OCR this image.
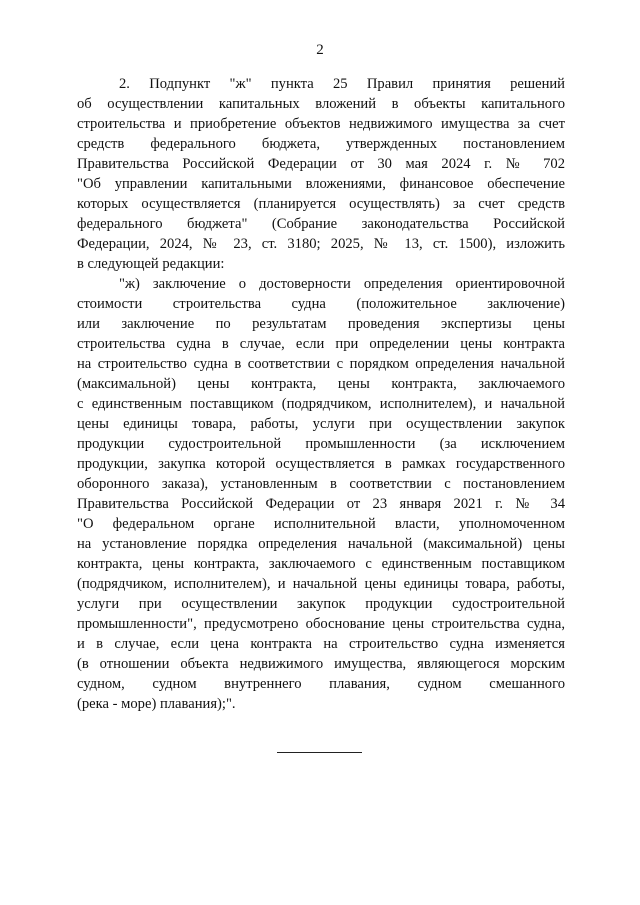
2
2. Подпункт "ж" пункта 25 Правил принятия решений
об осуществлении капитальных вложений в объекты капитального
строительства и приобретение объектов недвижимого имущества за счет
средств федерального бюджета, утвержденных постановлением
Правительства Российской Федерации от 30 мая 2024 г. № 702
"Об управлении капитальными вложениями, финансовое обеспечение
которых осуществляется (планируется осуществлять) за счет средств
федерального бюджета" (Собрание законодательства Российской
Федерации, 2024, № 23, ст. 3180; 2025, № 13, ст. 1500), изложить
в следующей редакции:
"ж) заключение о достоверности определения ориентировочной
стоимости строительства судна (положительное заключение)
или заключение по результатам проведения экспертизы цены
строительства судна в случае, если при определении цены контракта
на строительство судна в соответствии с порядком определения начальной
(максимальной) цены контракта, цены контракта, заключаемого
с единственным поставщиком (подрядчиком, исполнителем), и начальной
цены единицы товара, работы, услуги при осуществлении закупок
продукции судостроительной промышленности (за исключением
продукции, закупка которой осуществляется в рамках государственного
оборонного заказа), установленным в соответствии с постановлением
Правительства Российской Федерации от 23 января 2021 г. № 34
"О федеральном органе исполнительной власти, уполномоченном
на установление порядка определения начальной (максимальной) цены
контракта, цены контракта, заключаемого с единственным поставщиком
(подрядчиком, исполнителем), и начальной цены единицы товара, работы,
услуги при осуществлении закупок продукции судостроительной
промышленности", предусмотрено обоснование цены строительства судна,
и в случае, если цена контракта на строительство судна изменяется
(в отношении объекта недвижимого имущества, являющегося морским
судном, судном внутреннего плавания, судном смешанного
(река - море) плавания);".
